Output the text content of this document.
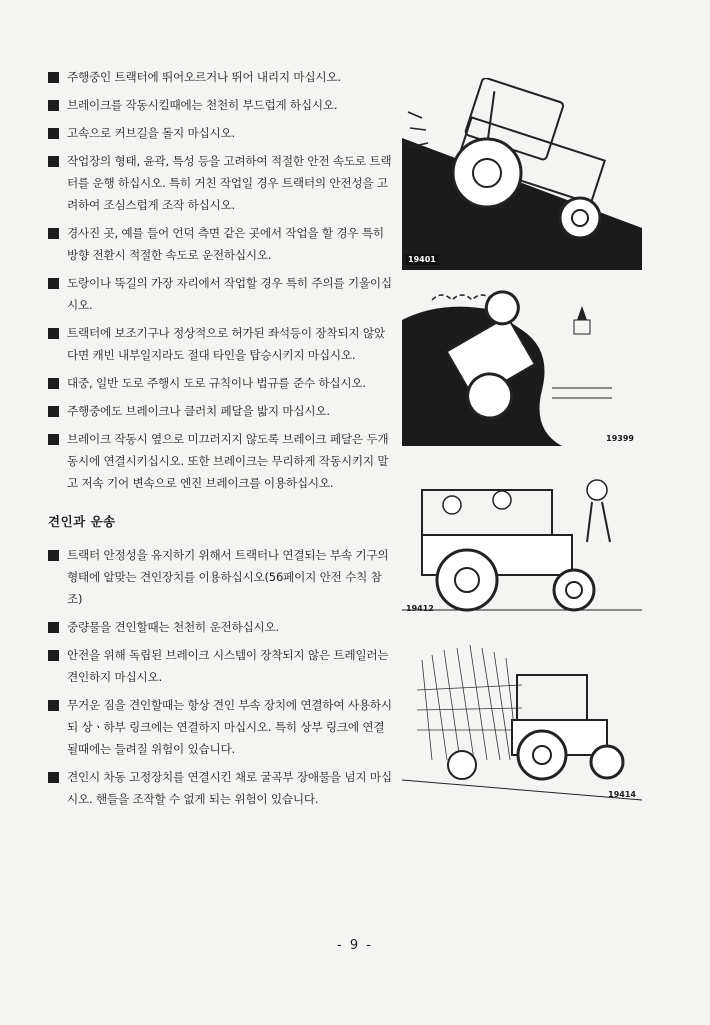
주행중인 트랙터에 뛰어오르거나 뛰어 내리지 마십시오.
브레이크를 작동시킬때에는 천천히 부드럽게 하십시오.
고속으로 커브길을 돌지 마십시오.
작업장의 형태, 윤곽, 특성 등을 고려하여 적절한 안전 속도로 트랙터를 운행 하십시오. 특히 거친 작업일 경우 트랙터의 안전성을 고려하여 조심스럽게 조작 하십시오.
경사진 곳, 예를 들어 언덕 측면 같은 곳에서 작업을 할 경우 특히 방향 전환시 적절한 속도로 운전하십시오.
도랑이나 뚝길의 가장 자리에서 작업할 경우 특히 주의를 기울이십시오.
트랙터에 보조기구나 정상적으로 허가된 좌석등이 장착되지 않았다면 캐빈 내부일지라도 절대 타인을 탑승시키지 마십시오.
대중, 일반 도로 주행시 도로 규칙이나 법규를 준수 하십시오.
주행중에도 브레이크나 클러치 페달을 밟지 마십시오.
브레이크 작동시 옆으로 미끄러지지 않도록 브레이크 페달은 두개 동시에 연결시키십시오. 또한 브레이크는 무리하게 작동시키지 말고 저속 기어 변속으로 엔진 브레이크를 이용하십시오.
견인과 운송
트랙터 안정성을 유지하기 위해서 트랙터나 연결되는 부속 기구의 형태에 알맞는 견인장치를 이용하십시오(56페이지 안전 수칙 참조)
중량물을 견인할때는 천천히 운전하십시오.
안전을 위해 독립된 브레이크 시스템이 장착되지 않은 트레일러는 견인하지 마십시오.
무거운 짐을 견인할때는 항상 견인 부속 장치에 연결하여 사용하시되 상ㆍ하부 링크에는 연결하지 마십시오. 특히 상부 링크에 연결될때에는 들려질 위험이 있습니다.
견인시 차동 고정장치를 연결시킨 채로 굴곡부 장애물을 넘지 마십시오. 핸들을 조작할 수 없게 되는 위험이 있습니다.
19401
19399
19412
19414
- 9 -
